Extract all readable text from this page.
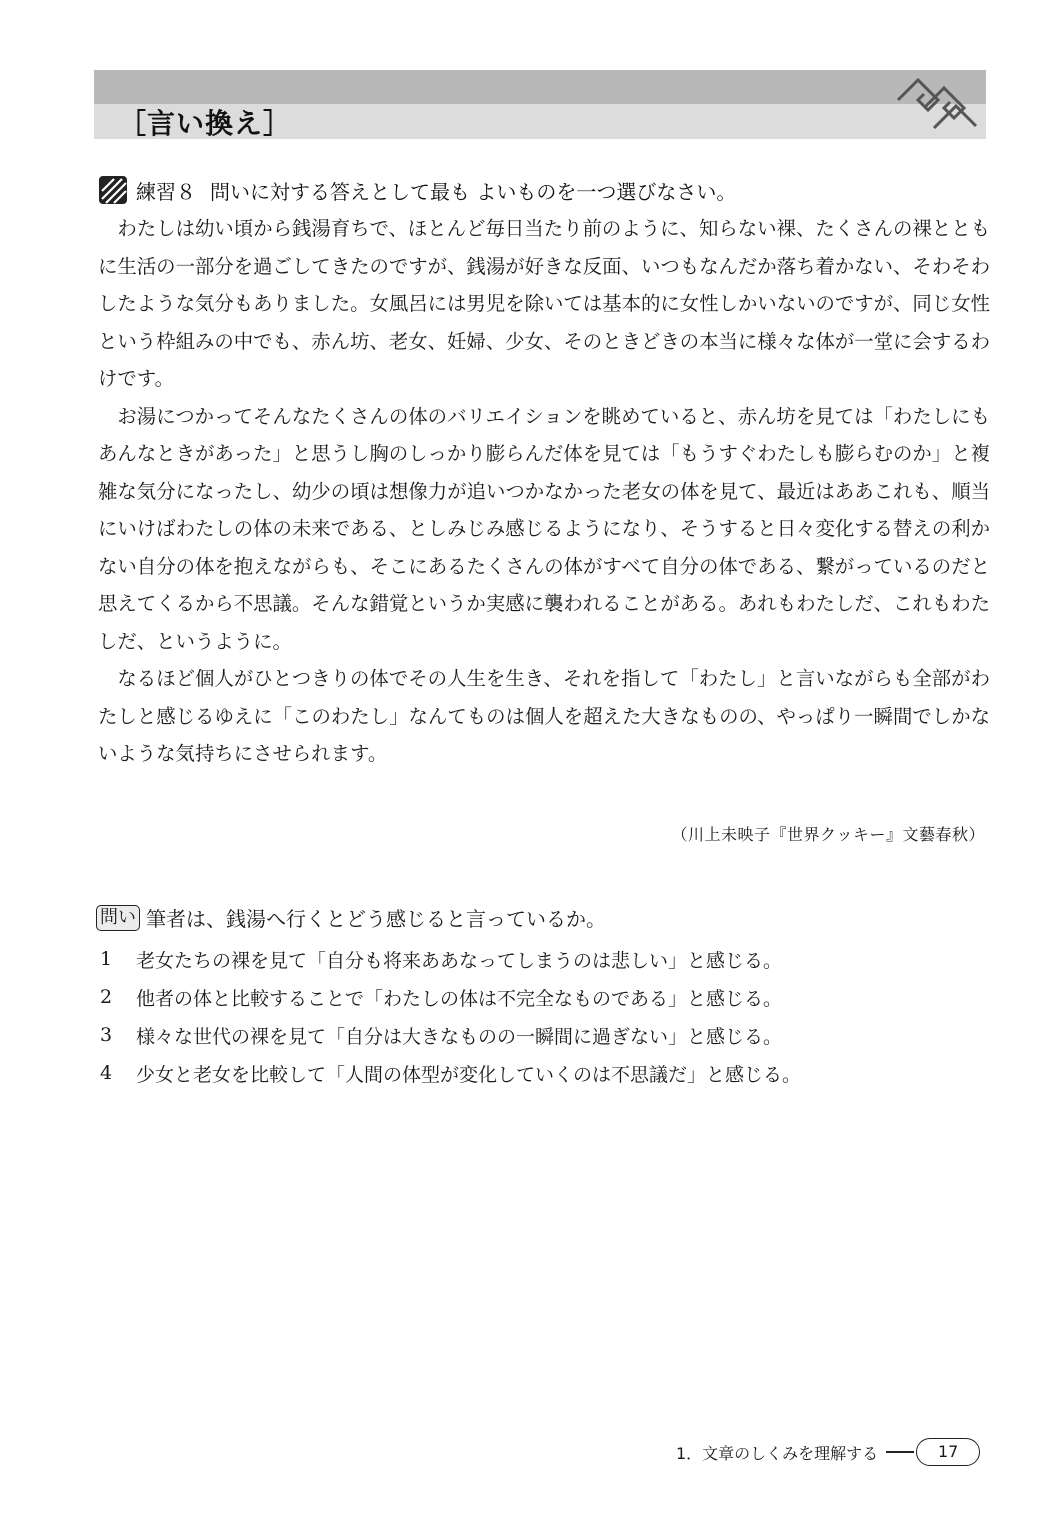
［言い換え］
練習８ 問いに対する答えとして最も よいものを一つ選びなさい。

わたしは幼い頃から銭湯育ちで、ほとんど毎日当たり前のように、知らない裸、たくさんの裸とともに生活の一部分を過ごしてきたのですが、銭湯が好きな反面、いつもなんだか落ち着かない、そわそわしたような気分もありました。女風呂には男児を除いては基本的に女性しかいないのですが、同じ女性という枠組みの中でも、赤ん坊、老女、妊婦、少女、そのときどきの本当に様々な体が一堂に会するわけです。

お湯につかってそんなたくさんの体のバリエイションを眺めていると、赤ん坊を見ては「わたしにもあんなときがあった」と思うし胸のしっかり膨らんだ体を見ては「もうすぐわたしも膨らむのか」と複雑な気分になったし、幼少の頃は想像力が追いつかなかった老女の体を見て、最近はああこれも、順当にいけばわたしの体の未来である、としみじみ感じるようになり、そうすると日々変化する替えの利かない自分の体を抱えながらも、そこにあるたくさんの体がすべて自分の体である、繋がっているのだと思えてくるから不思議。そんな錯覚というか実感に襲われることがある。あれもわたしだ、これもわたしだ、というように。

なるほど個人がひとつきりの体でその人生を生き、それを指して「わたし」と言いながらも全部がわたしと感じるゆえに「このわたし」なんてものは個人を超えた大きなものの、やっぱり一瞬間でしかないような気持ちにさせられます。

（川上未映子『世界クッキー』文藝春秋）
問い 筆者は、銭湯へ行くとどう感じると言っているか。
1	老女たちの裸を見て「自分も将来ああなってしまうのは悲しい」と感じる。
2	他者の体と比較することで「わたしの体は不完全なものである」と感じる。
3	様々な世代の裸を見て「自分は大きなものの一瞬間に過ぎない」と感じる。
4	少女と老女を比較して「人間の体型が変化していくのは不思議だ」と感じる。
1．文章のしくみを理解する	17
